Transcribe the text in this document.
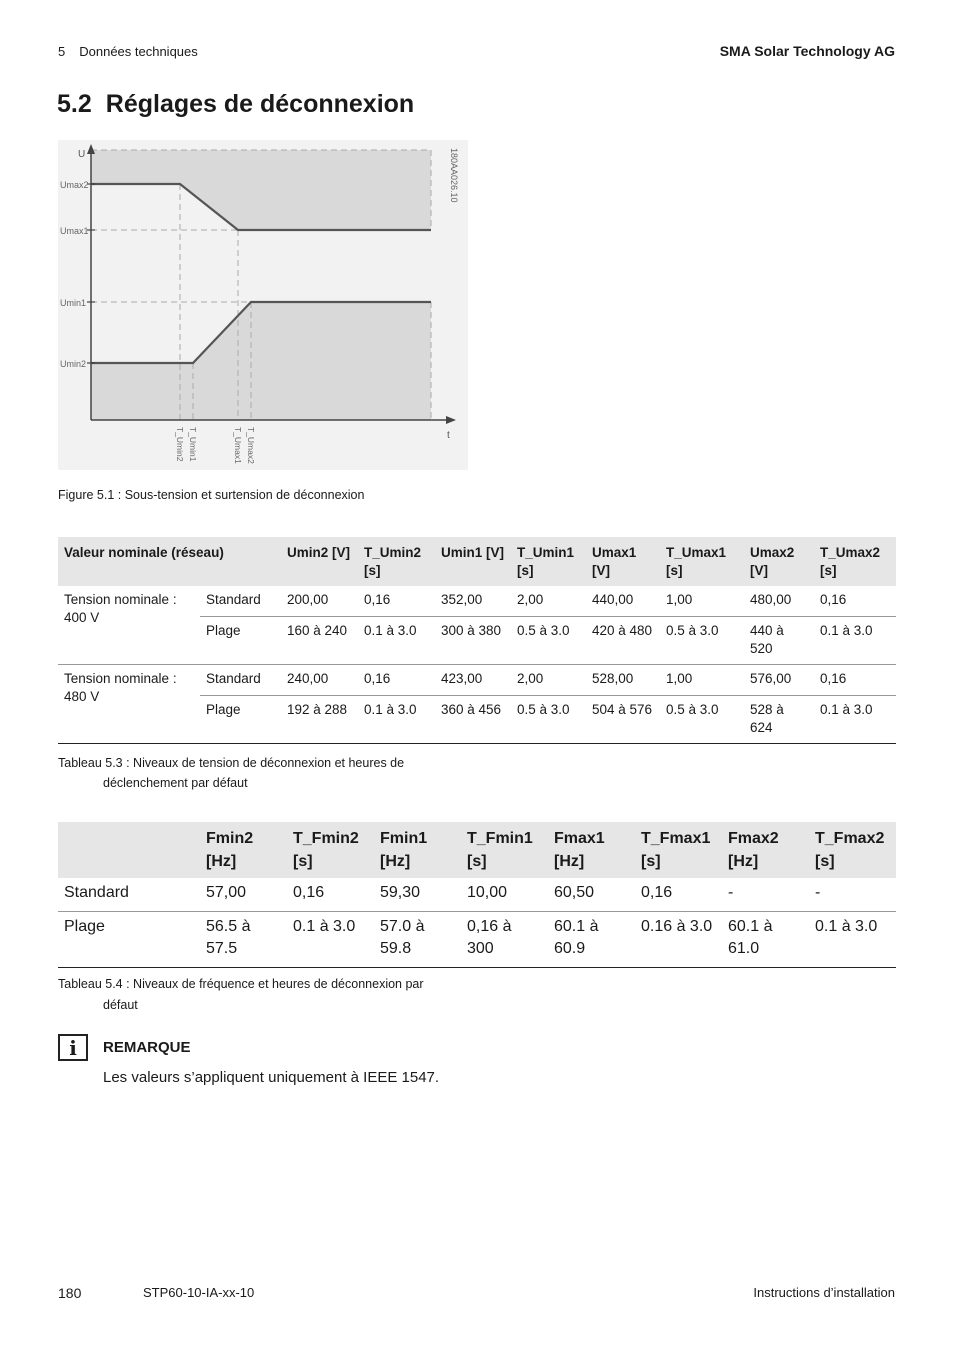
5 Données techniques	SMA Solar Technology AG
5.2 Réglages de déconnexion
U
t
Umax2
Umax1
Umin1
Umin2
T_Umin2 T_Umin1	T_Umax1 T_Umax2
180AA026.10
Figure 5.1 : Sous-tension et surtension de déconnexion
Valeur nominale (réseau)		Umin2 [V]	T_Umin2 [s]	Umin1 [V]	T_Umin1 [s]	Umax1 [V]	T_Umax1 [s]	Umax2 [V]	T_Umax2 [s]
Tension nominale : 400 V	Standard	200,00	0,16	352,00	2,00	440,00	1,00	480,00	0,16
	Plage	160 à 240	0.1 à 3.0	300 à 380	0.5 à 3.0	420 à 480	0.5 à 3.0	440 à 520	0.1 à 3.0
Tension nominale : 480 V	Standard	240,00	0,16	423,00	2,00	528,00	1,00	576,00	0,16
	Plage	192 à 288	0.1 à 3.0	360 à 456	0.5 à 3.0	504 à 576	0.5 à 3.0	528 à 624	0.1 à 3.0
Tableau 5.3 : Niveaux de tension de déconnexion et heures de
déclenchement par défaut
	Fmin2 [Hz]	T_Fmin2 [s]	Fmin1 [Hz]	T_Fmin1 [s]	Fmax1 [Hz]	T_Fmax1 [s]	Fmax2 [Hz]	T_Fmax2 [s]
Standard	57,00	0,16	59,30	10,00	60,50	0,16	-	-
Plage	56.5 à 57.5	0.1 à 3.0	57.0 à 59.8	0,16 à 300	60.1 à 60.9	0.16 à 3.0	60.1 à 61.0	0.1 à 3.0
Tableau 5.4 : Niveaux de fréquence et heures de déconnexion par
défaut
i	REMARQUE
Les valeurs s’appliquent uniquement à IEEE 1547.
180	STP60-10-IA-xx-10	Instructions d’installation
